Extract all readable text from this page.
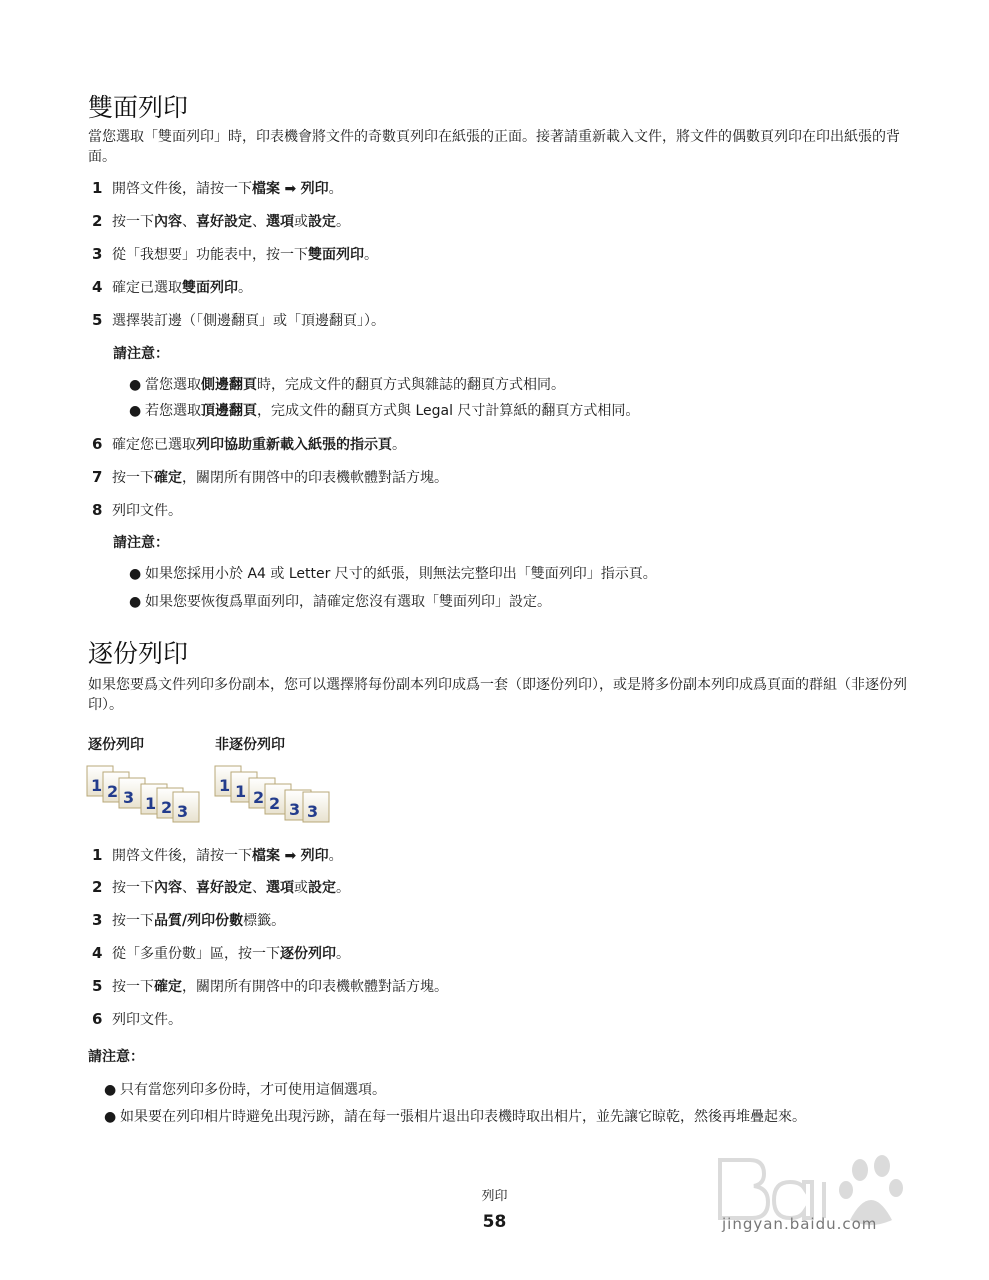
雙面列印

當您選取「雙面列印」時，印表機會將文件的奇數頁列印在紙張的正面。接著請重新載入文件，將文件的偶數頁列印在印出紙張的背面。

1 開啓文件後，請按一下檔案 ➡ 列印。
2 按一下內容、喜好設定、選項或設定。
3 從「我想要」功能表中，按一下雙面列印。
4 確定已選取雙面列印。
5 選擇裝訂邊（「側邊翻頁」或「頂邊翻頁」）。
請注意：
● 當您選取側邊翻頁時，完成文件的翻頁方式與雜誌的翻頁方式相同。
● 若您選取頂邊翻頁，完成文件的翻頁方式與 Legal 尺寸計算紙的翻頁方式相同。
6 確定您已選取列印協助重新載入紙張的指示頁。
7 按一下確定，關閉所有開啓中的印表機軟體對話方塊。
8 列印文件。
請注意：
● 如果您採用小於 A4 或 Letter 尺寸的紙張，則無法完整印出「雙面列印」指示頁。
● 如果您要恢復爲單面列印，請確定您沒有選取「雙面列印」設定。
逐份列印

如果您要爲文件列印多份副本，您可以選擇將每份副本列印成爲一套（即逐份列印），或是將多份副本列印成爲頁面的群組（非逐份列印）。

逐份列印	非逐份列印
1 2 3 1 2 3
1 1 2 2 3 3
1 開啓文件後，請按一下檔案 ➡ 列印。
2 按一下內容、喜好設定、選項或設定。
3 按一下品質/列印份數標籤。
4 從「多重份數」區，按一下逐份列印。
5 按一下確定，關閉所有開啓中的印表機軟體對話方塊。
6 列印文件。
請注意：
● 只有當您列印多份時，才可使用這個選項。
● 如果要在列印相片時避免出現污跡，請在每一張相片退出印表機時取出相片，並先讓它晾乾，然後再堆疊起來。
列印
58	jingyan.baidu.com
